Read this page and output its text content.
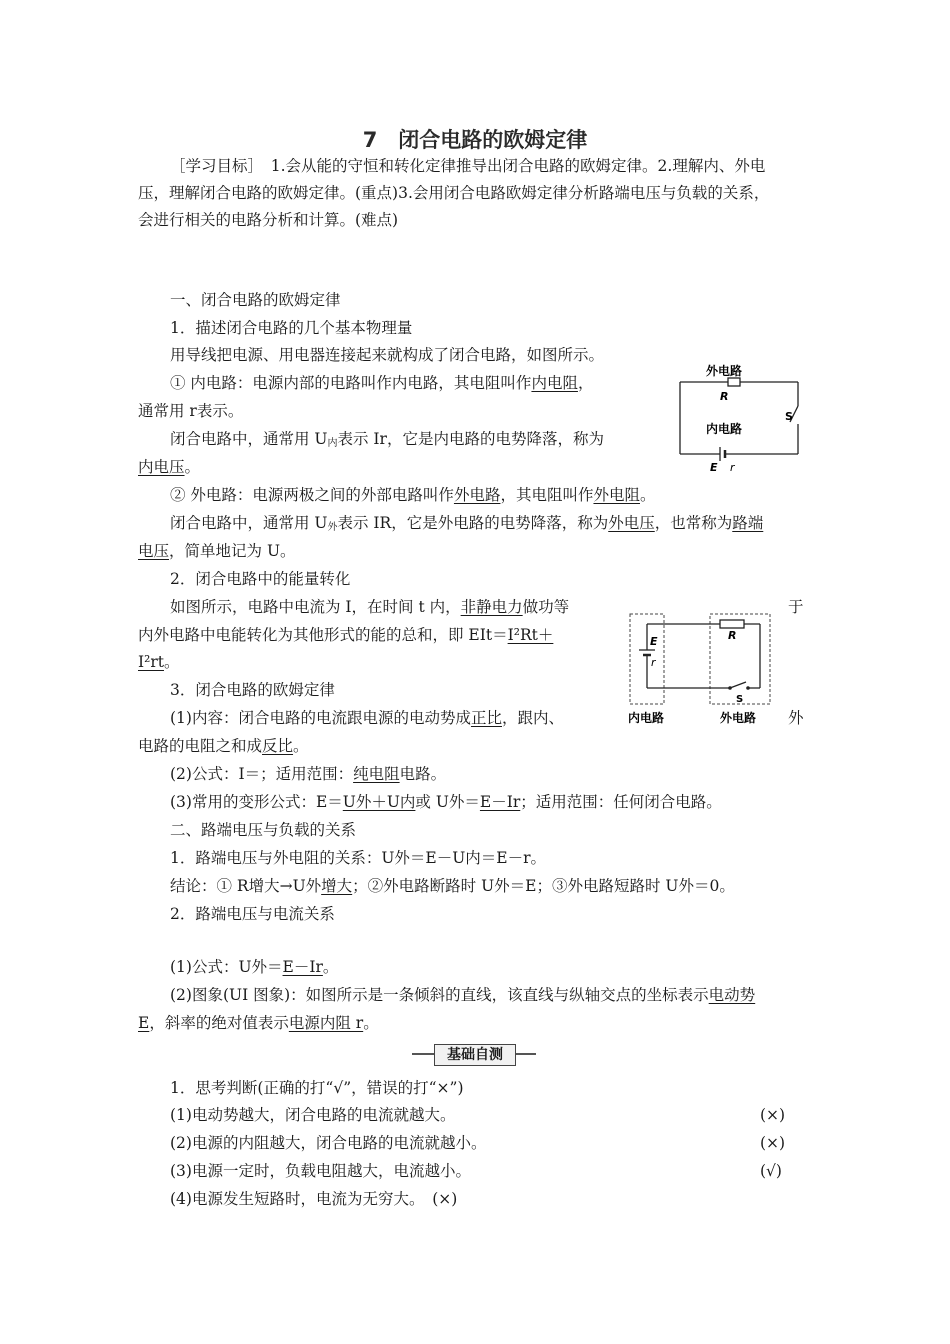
7　闭合电路的欧姆定律
［学习目标］　1.会从能的守恒和转化定律推导出闭合电路的欧姆定律。2.理解内、外电
压，理解闭合电路的欧姆定律。(重点)3.会用闭合电路欧姆定律分析路端电压与负载的关系，
会进行相关的电路分析和计算。(难点)
一、闭合电路的欧姆定律
1．描述闭合电路的几个基本物理量
用导线把电源、用电器连接起来就构成了闭合电路，如图所示。
① 内电路：电源内部的电路叫作内电路，其电阻叫作内电阻，
通常用 r表示。
闭合电路中，通常用 $U_内$表示 Ir，它是内电路的电势降落，称为
内电压。
② 外电路：电源两极之间的外部电路叫作外电路，其电阻叫作外电阻。
闭合电路中，通常用 $U_外$表示 IR，它是外电路的电势降落，称为外电压，也常称为路端
电压，简单地记为 U。
2．闭合电路中的能量转化
如图所示，电路中电流为 I，在时间 t 内，非静电力做功等	于
内外电路中电能转化为其他形式的能的总和，即 EIt＝I²Rt＋
I²rt。
3．闭合电路的欧姆定律
(1)内容：闭合电路的电流跟电源的电动势成正比，跟内、	外
电路的电阻之和成反比。
(2)公式：I＝；适用范围：纯电阻电路。
(3)常用的变形公式：E＝U外＋U内或 U外＝E－Ir；适用范围：任何闭合电路。
二、路端电压与负载的关系
1．路端电压与外电阻的关系：U外＝E－U内＝E－r。
结论：① R增大→U外增大；②外电路断路时 U外＝E；③外电路短路时 U外＝0。
2．路端电压与电流关系
(1)公式：U外＝E－Ir。
(2)图象(UI 图象)：如图所示是一条倾斜的直线，该直线与纵轴交点的坐标表示电动势
E，斜率的绝对值表示电源内阻 r。
基础自测
1．思考判断(正确的打“√”，错误的打“×”)
(1)电动势越大，闭合电路的电流就越大。	(×)
(2)电源的内阻越大，闭合电路的电流就越小。	(×)
(3)电源一定时，负载电阻越大，电流越小。	(√)
(4)电源发生短路时，电流为无穷大。　(×)
外电路
R
S
内电路
E r
E
r
R
S
内电路	外电路
